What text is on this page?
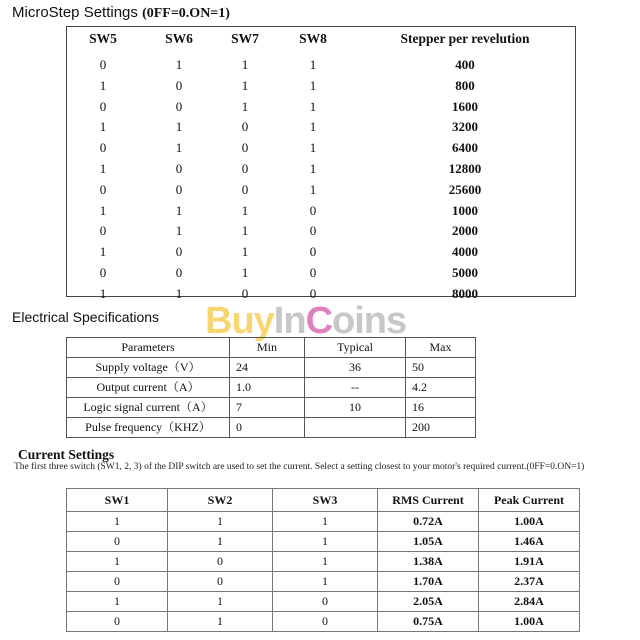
MicroStep Settings (0FF=0.ON=1)
SW5	SW6	SW7	SW8	Stepper per revelution
0	1	1	1	400
1	0	1	1	800
0	0	1	1	1600
1	1	0	1	3200
0	1	0	1	6400
1	0	0	1	12800
0	0	0	1	25600
1	1	1	0	1000
0	1	1	0	2000
1	0	1	0	4000
0	0	1	0	5000
1	1	0	0	8000
Electrical Specifications BuyInCoins
Parameters	Min	Typical	Max
Supply voltage（V）	24	36	50
Output current（A）	1.0	--	4.2
Logic signal current（A）	7	10	16
Pulse frequency（KHZ）	0		200
Current Settings
The first three switch (SW1, 2, 3) of the DIP switch are used to set the current. Select a setting closest to your motor's required current.(0FF=0.ON=1)
SW1	SW2	SW3	RMS Current	Peak Current
1	1	1	0.72A	1.00A
0	1	1	1.05A	1.46A
1	0	1	1.38A	1.91A
0	0	1	1.70A	2.37A
1	1	0	2.05A	2.84A
0	1	0	0.75A	1.00A
